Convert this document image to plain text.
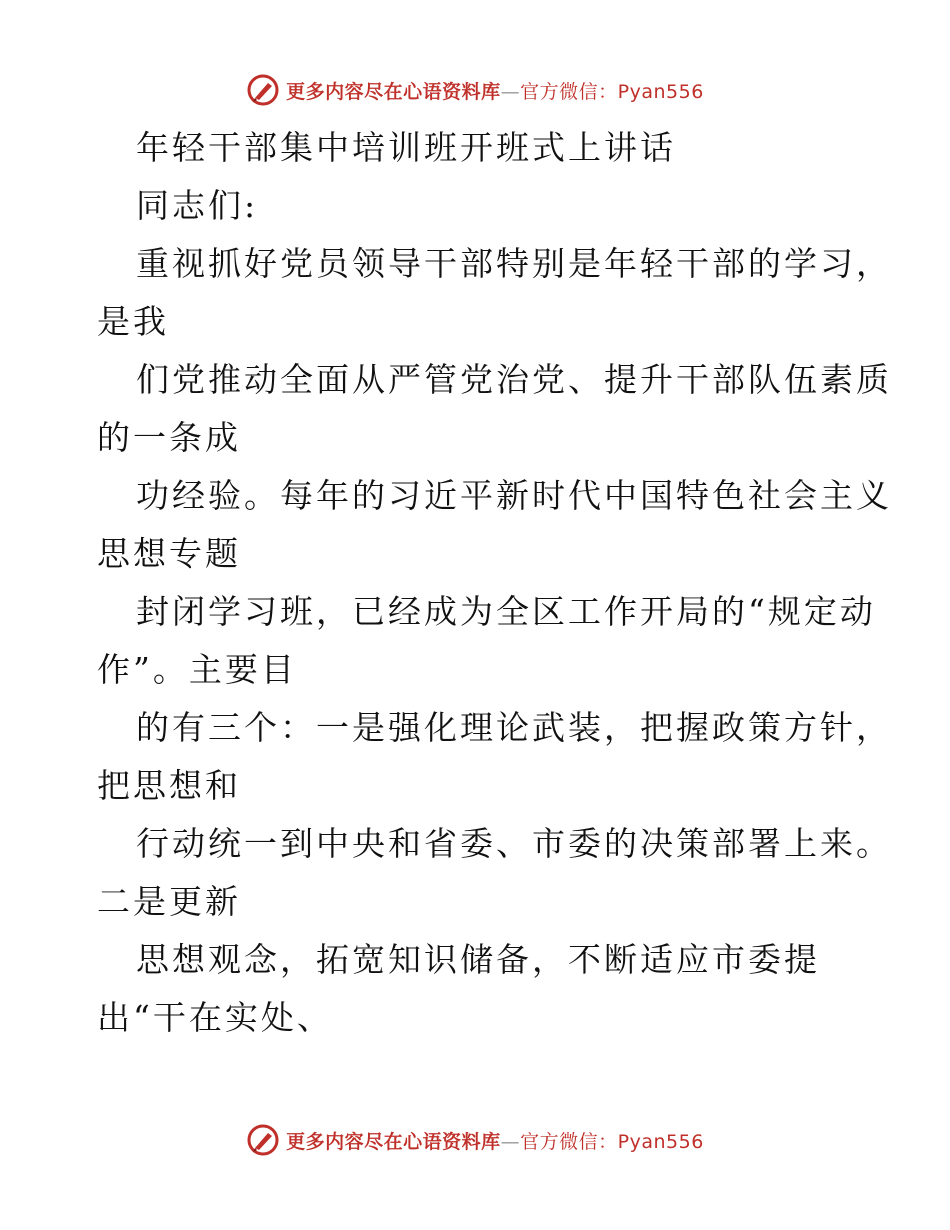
更多内容尽在心语资料库—官方微信：Pyan556
年轻干部集中培训班开班式上讲话
同志们:
重视抓好党员领导干部特别是年轻干部的学习，
是我
们党推动全面从严管党治党、提升干部队伍素质
的一条成
功经验。每年的习近平新时代中国特色社会主义
思想专题
封闭学习班，已经成为全区工作开局的“规定动
作”。主要目
的有三个：一是强化理论武装，把握政策方针，
把思想和
行动统一到中央和省委、市委的决策部署上来。
二是更新
思想观念，拓宽知识储备，不断适应市委提
出“干在实处、
更多内容尽在心语资料库—官方微信：Pyan556
